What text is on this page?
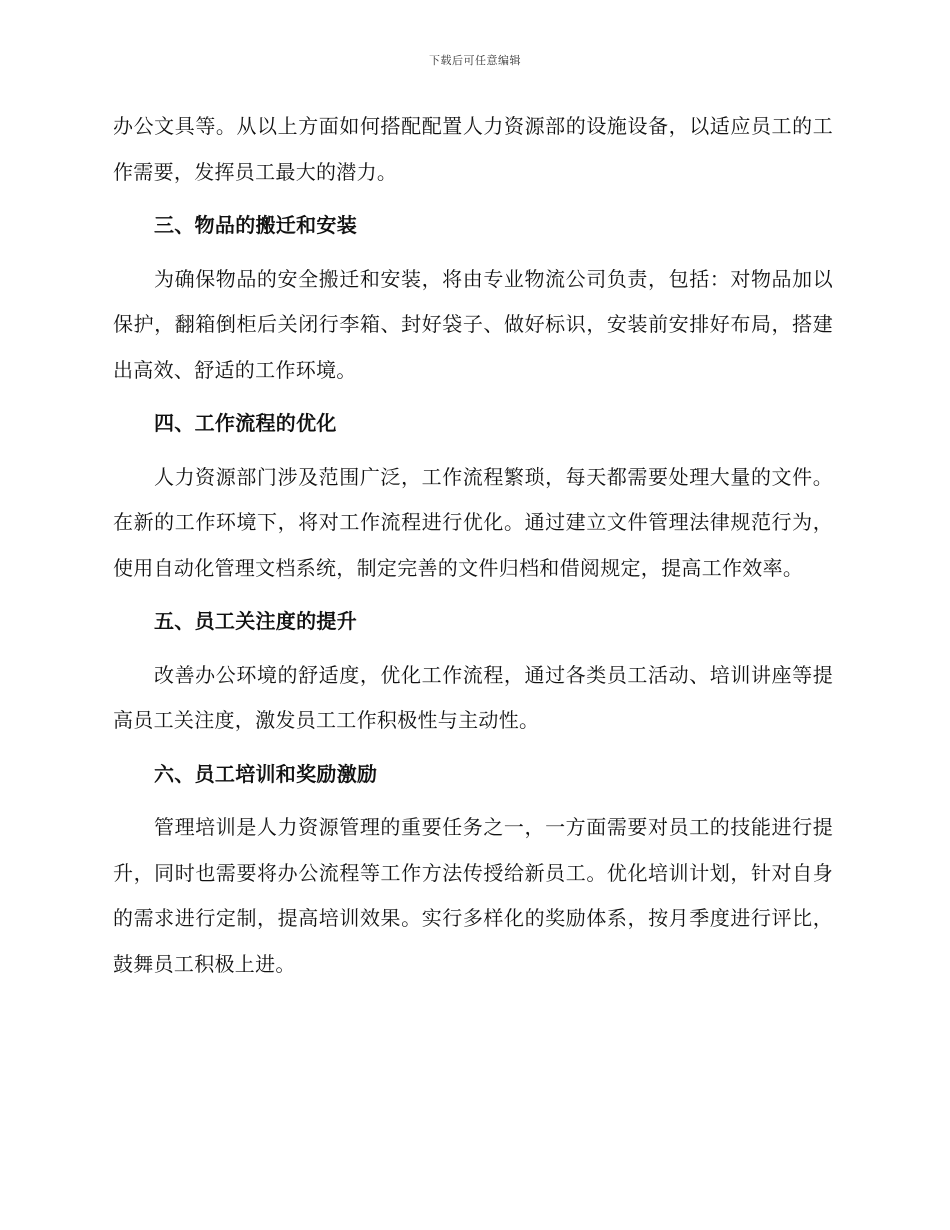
下载后可任意编辑

办公文具等。从以上方面如何搭配配置人力资源部的设施设备，以适应员工的工作需要，发挥员工最大的潜力。

三、物品的搬迁和安装

为确保物品的安全搬迁和安装，将由专业物流公司负责，包括：对物品加以保护，翻箱倒柜后关闭行李箱、封好袋子、做好标识，安装前安排好布局，搭建出高效、舒适的工作环境。

四、工作流程的优化

人力资源部门涉及范围广泛，工作流程繁琐，每天都需要处理大量的文件。在新的工作环境下，将对工作流程进行优化。通过建立文件管理法律规范行为，使用自动化管理文档系统，制定完善的文件归档和借阅规定，提高工作效率。

五、员工关注度的提升

改善办公环境的舒适度，优化工作流程，通过各类员工活动、培训讲座等提高员工关注度，激发员工工作积极性与主动性。

六、员工培训和奖励激励

管理培训是人力资源管理的重要任务之一，一方面需要对员工的技能进行提升，同时也需要将办公流程等工作方法传授给新员工。优化培训计划，针对自身的需求进行定制，提高培训效果。实行多样化的奖励体系，按月季度进行评比，鼓舞员工积极上进。
